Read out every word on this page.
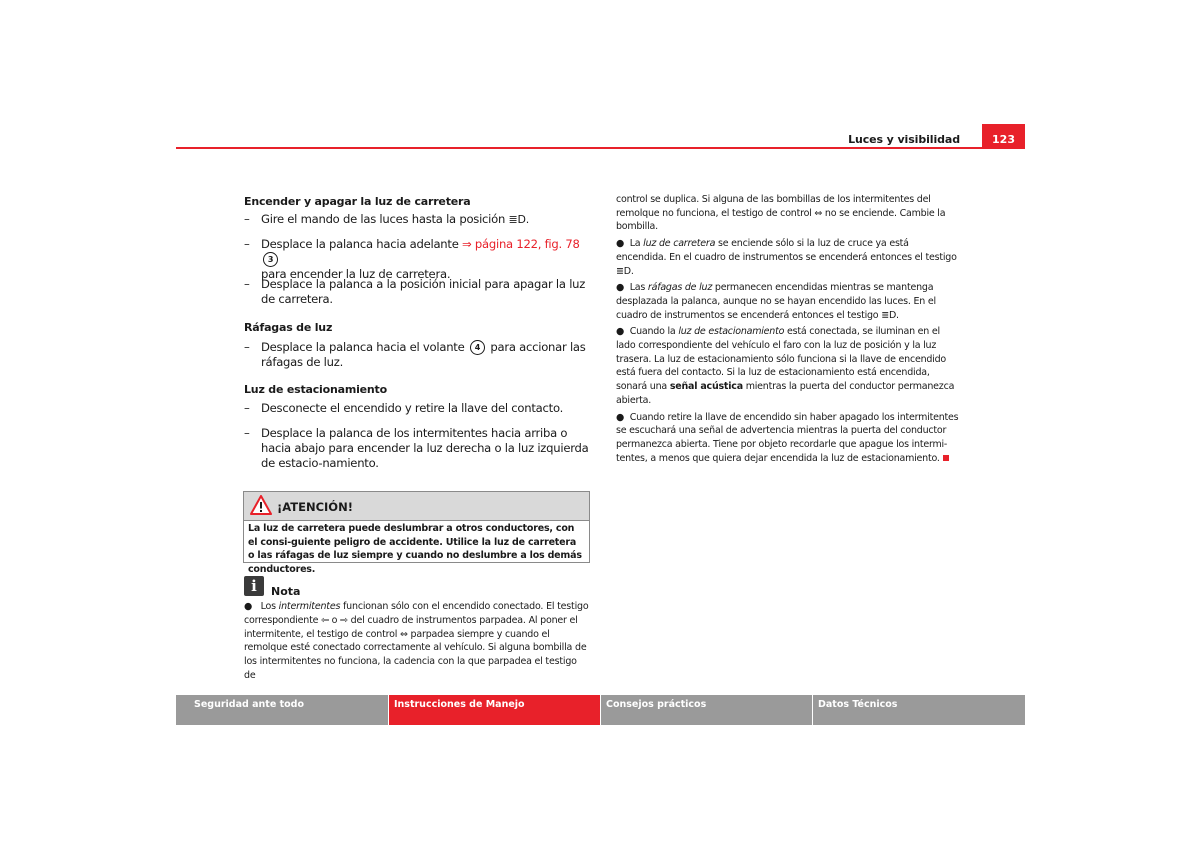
Luces y visibilidad	123
Encender y apagar la luz de carretera
– Gire el mando de las luces hasta la posición ≣D.
– Desplace la palanca hacia adelante ⇒ página 122, fig. 78 3
para encender la luz de carretera.
– Desplace la palanca a la posición inicial para apagar la luz de carretera.
Ráfagas de luz
– Desplace la palanca hacia el volante 4 para accionar las ráfagas de luz.
Luz de estacionamiento
– Desconecte el encendido y retire la llave del contacto.
– Desplace la palanca de los intermitentes hacia arriba o hacia abajo para encender la luz derecha o la luz izquierda de estacio-namiento.
¡ATENCIÓN!
La luz de carretera puede deslumbrar a otros conductores, con el consi-guiente peligro de accidente. Utilice la luz de carretera o las ráfagas de luz siempre y cuando no deslumbre a los demás conductores.
i	Nota
● Los intermitentes funcionan sólo con el encendido conectado. El testigo correspondiente ⇦ o ⇨ del cuadro de instrumentos parpadea. Al poner el intermitente, el testigo de control ⇔ parpadea siempre y cuando el remolque esté conectado correctamente al vehículo. Si alguna bombilla de los intermitentes no funciona, la cadencia con la que parpadea el testigo de

control se duplica. Si alguna de las bombillas de los intermitentes del remolque no funciona, el testigo de control ⇔ no se enciende. Cambie la bombilla.

● La luz de carretera se enciende sólo si la luz de cruce ya está encendida. En el cuadro de instrumentos se encenderá entonces el testigo ≣D.

● Las ráfagas de luz permanecen encendidas mientras se mantenga desplazada la palanca, aunque no se hayan encendido las luces. En el cuadro de instrumentos se encenderá entonces el testigo ≣D.

● Cuando la luz de estacionamiento está conectada, se iluminan en el lado correspondiente del vehículo el faro con la luz de posición y la luz trasera. La luz de estacionamiento sólo funciona si la llave de encendido está fuera del contacto. Si la luz de estacionamiento está encendida, sonará una señal acústica mientras la puerta del conductor permanezca abierta.

● Cuando retire la llave de encendido sin haber apagado los intermitentes se escuchará una señal de advertencia mientras la puerta del conductor permanezca abierta. Tiene por objeto recordarle que apague los intermi-tentes, a menos que quiera dejar encendida la luz de estacionamiento.

Seguridad ante todo	Instrucciones de Manejo	Consejos prácticos	Datos Técnicos
